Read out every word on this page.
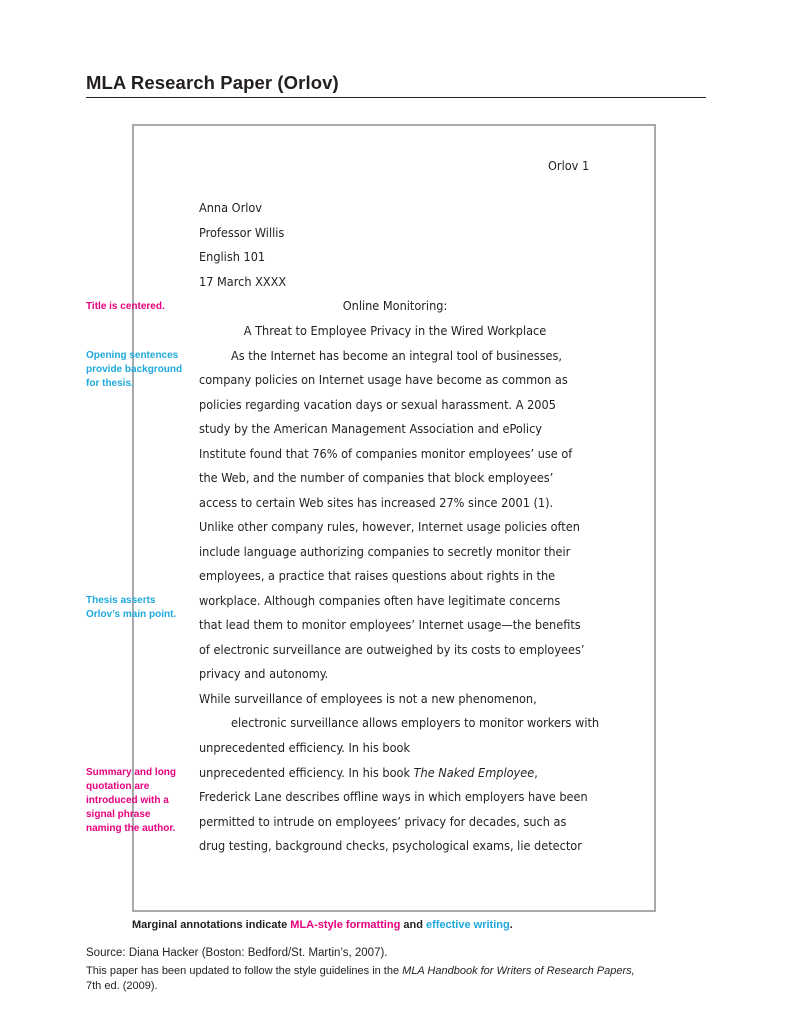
MLA Research Paper (Orlov)
Orlov 1
Anna Orlov
Professor Willis
English 101
17 March XXXX
Online Monitoring:
A Threat to Employee Privacy in the Wired Workplace
As the Internet has become an integral tool of businesses,
company policies on Internet usage have become as common as
policies regarding vacation days or sexual harassment. A 2005
study by the American Management Association and ePolicy
Institute found that 76% of companies monitor employees’ use of
the Web, and the number of companies that block employees’
access to certain Web sites has increased 27% since 2001 (1).
Unlike other company rules, however, Internet usage policies often
include language authorizing companies to secretly monitor their
employees, a practice that raises questions about rights in the
workplace. Although companies often have legitimate concerns
that lead them to monitor employees’ Internet usage—the benefits
of electronic surveillance are outweighed by its costs to employees’
privacy and autonomy.
While surveillance of employees is not a new phenomenon,
electronic surveillance allows employers to monitor workers with
unprecedented efficiency. In his book
unprecedented efficiency. In his book The Naked Employee,
Frederick Lane describes offline ways in which employers have been
permitted to intrude on employees’ privacy for decades, such as
drug testing, background checks, psychological exams, lie detector
Title is centered.
Opening sentences
provide background
for thesis.
Thesis asserts
Orlov’s main point.
Summary and long
quotation are
introduced with a
signal phrase
naming the author.
Marginal annotations indicate MLA-style formatting and effective writing.
Source: Diana Hacker (Boston: Bedford/St. Martin’s, 2007).
This paper has been updated to follow the style guidelines in the MLA Handbook for Writers of Research Papers,
7th ed. (2009).
